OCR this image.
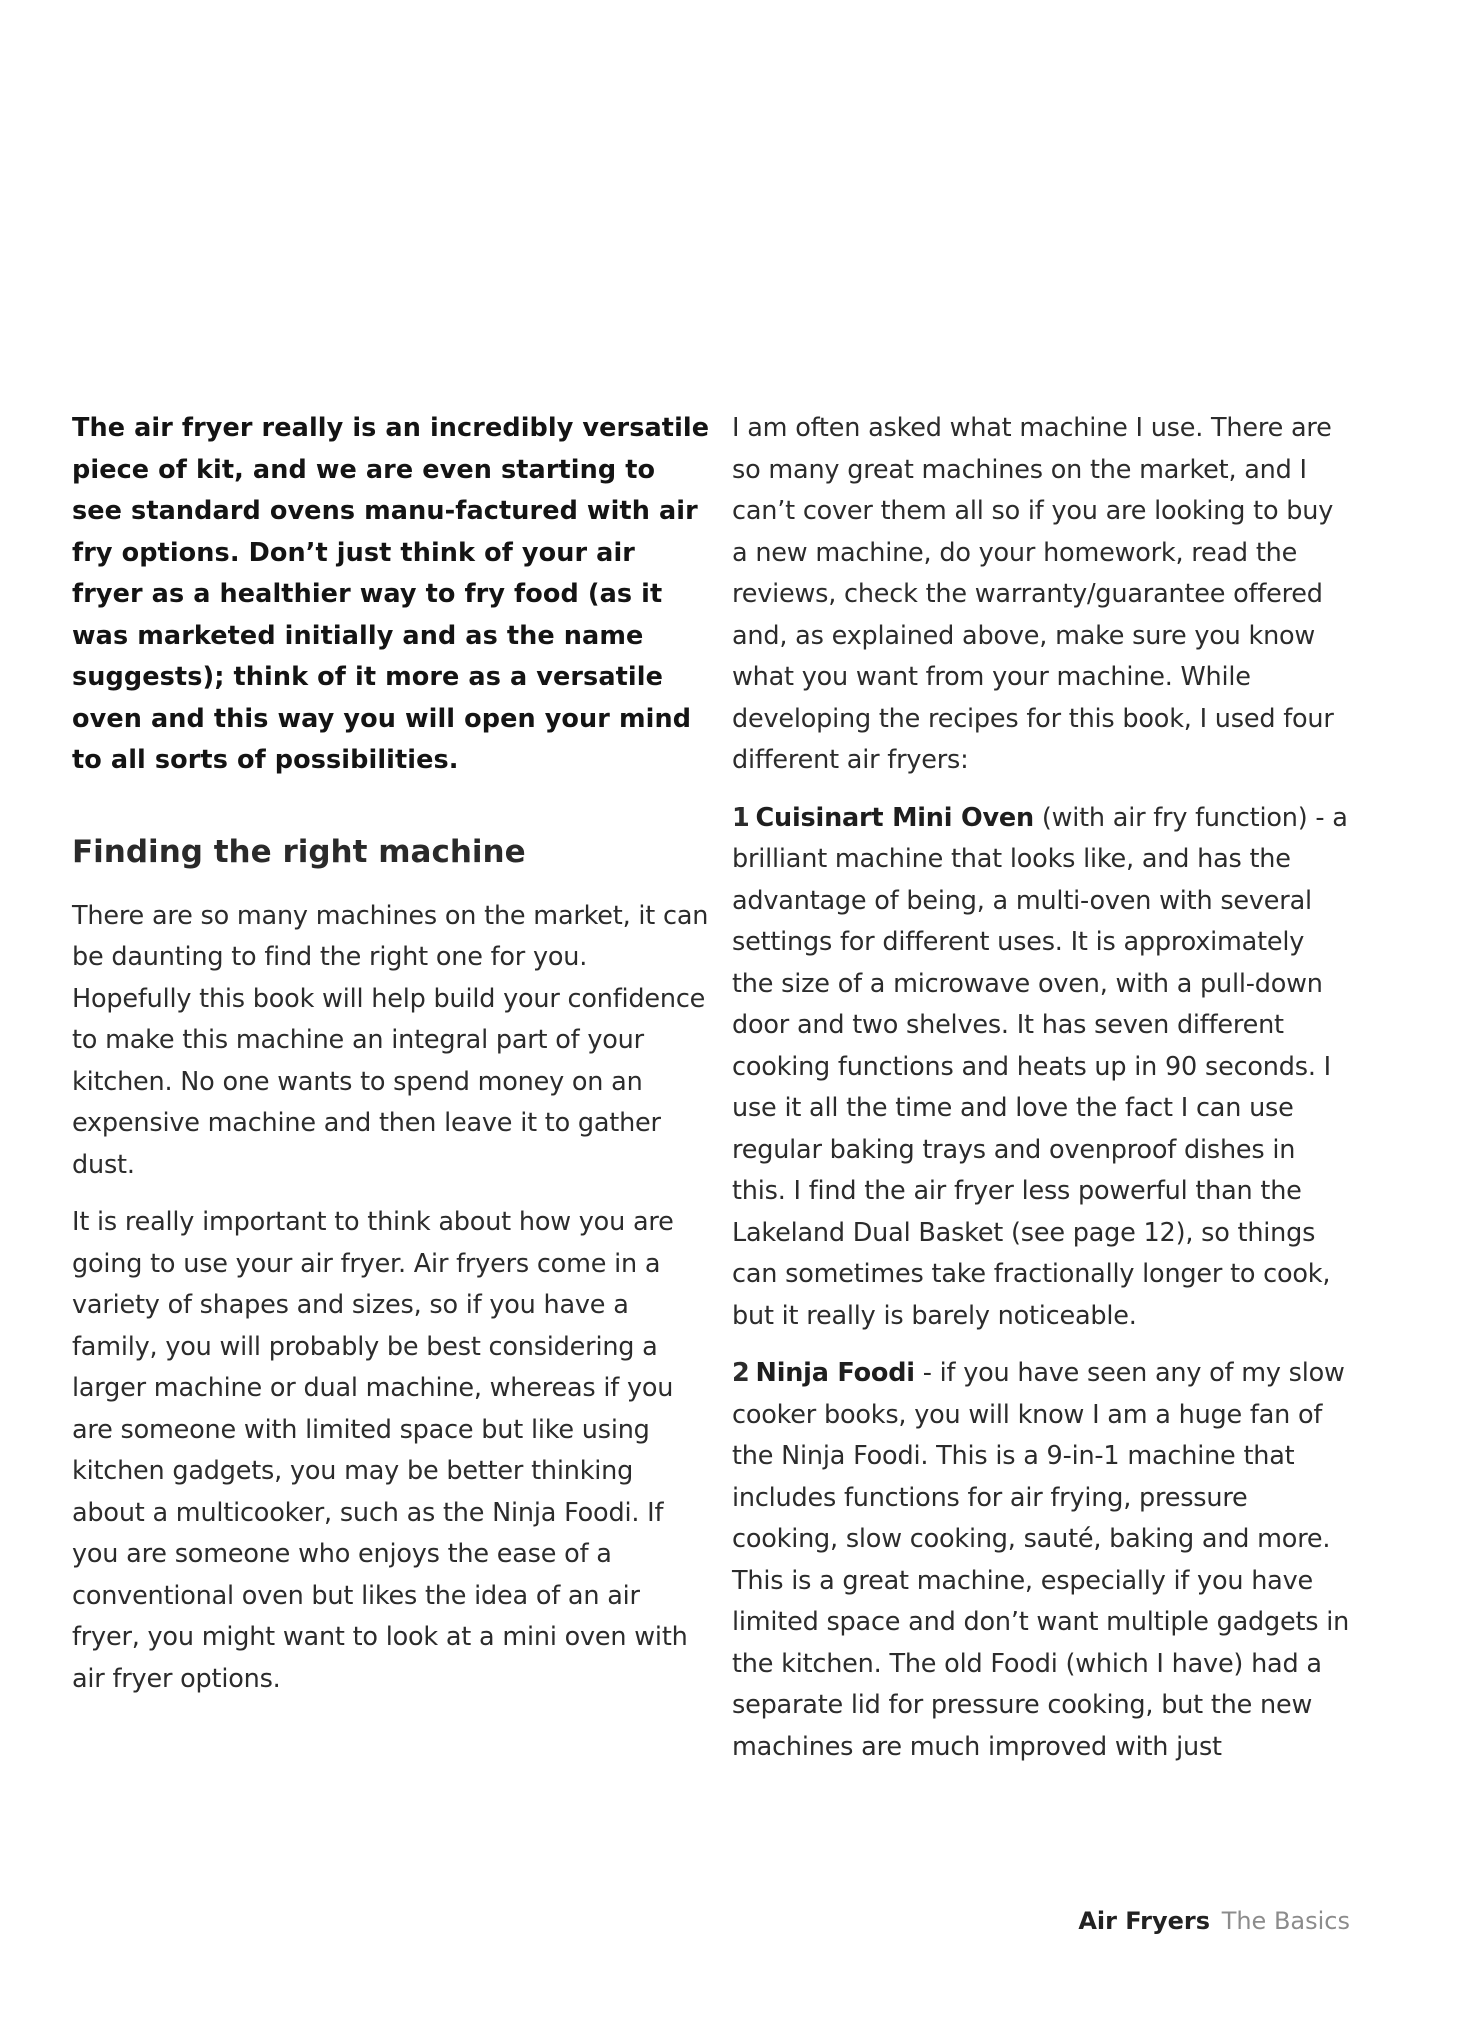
The air fryer really is an incredibly versatile piece of kit, and we are even starting to see standard ovens manu-factured with air fry options. Don’t just think of your air fryer as a healthier way to fry food (as it was marketed initially and as the name suggests); think of it more as a versatile oven and this way you will open your mind to all sorts of possibilities.

Finding the right machine

There are so many machines on the market, it can be daunting to find the right one for you. Hopefully this book will help build your confidence to make this machine an integral part of your kitchen. No one wants to spend money on an expensive machine and then leave it to gather dust.

It is really important to think about how you are going to use your air fryer. Air fryers come in a variety of shapes and sizes, so if you have a family, you will probably be best considering a larger machine or dual machine, whereas if you are someone with limited space but like using kitchen gadgets, you may be better thinking about a multicooker, such as the Ninja Foodi. If you are someone who enjoys the ease of a conventional oven but likes the idea of an air fryer, you might want to look at a mini oven with air fryer options.

I am often asked what machine I use. There are so many great machines on the market, and I can’t cover them all so if you are looking to buy a new machine, do your homework, read the reviews, check the warranty/guarantee offered and, as explained above, make sure you know what you want from your machine. While developing the recipes for this book, I used four different air fryers:

1 Cuisinart Mini Oven (with air fry function) - a brilliant machine that looks like, and has the advantage of being, a multi-oven with several settings for different uses. It is approximately the size of a microwave oven, with a pull-down door and two shelves. It has seven different cooking functions and heats up in 90 seconds. I use it all the time and love the fact I can use regular baking trays and ovenproof dishes in this. I find the air fryer less powerful than the Lakeland Dual Basket (see page 12), so things can sometimes take fractionally longer to cook, but it really is barely noticeable.

2 Ninja Foodi - if you have seen any of my slow cooker books, you will know I am a huge fan of the Ninja Foodi. This is a 9-in-1 machine that includes functions for air frying, pressure cooking, slow cooking, sauté, baking and more. This is a great machine, especially if you have limited space and don’t want multiple gadgets in the kitchen. The old Foodi (which I have) had a separate lid for pressure cooking, but the new machines are much improved with just

Air Fryers The Basics
